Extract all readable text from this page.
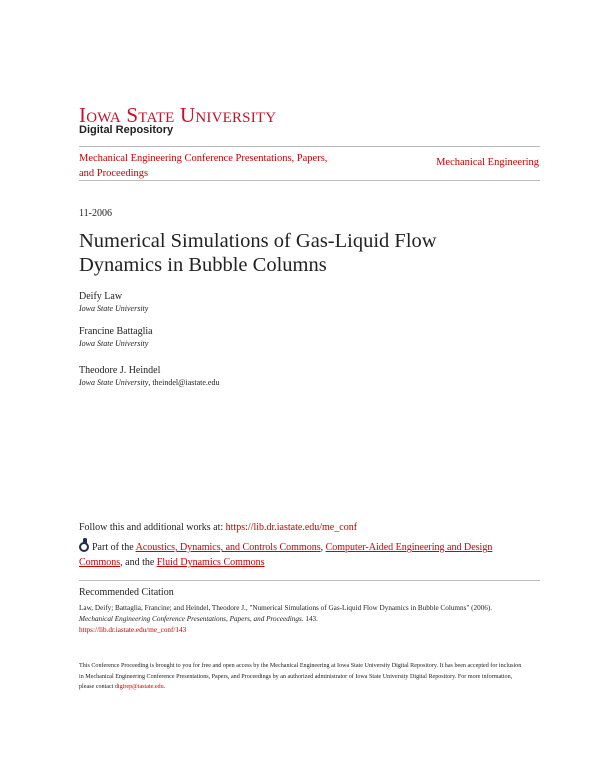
Iowa State University
Digital Repository
Mechanical Engineering Conference Presentations, Papers, and Proceedings
Mechanical Engineering
11-2006
Numerical Simulations of Gas-Liquid Flow Dynamics in Bubble Columns
Deify Law
Iowa State University
Francine Battaglia
Iowa State University
Theodore J. Heindel
Iowa State University, theindel@iastate.edu
Follow this and additional works at: https://lib.dr.iastate.edu/me_conf
Part of the Acoustics, Dynamics, and Controls Commons, Computer-Aided Engineering and Design Commons, and the Fluid Dynamics Commons
Recommended Citation
Law, Deify; Battaglia, Francine; and Heindel, Theodore J., "Numerical Simulations of Gas-Liquid Flow Dynamics in Bubble Columns" (2006). Mechanical Engineering Conference Presentations, Papers, and Proceedings. 143.
https://lib.dr.iastate.edu/me_conf/143
This Conference Proceeding is brought to you for free and open access by the Mechanical Engineering at Iowa State University Digital Repository. It has been accepted for inclusion in Mechanical Engineering Conference Presentations, Papers, and Proceedings by an authorized administrator of Iowa State University Digital Repository. For more information, please contact digirep@iastate.edu.
